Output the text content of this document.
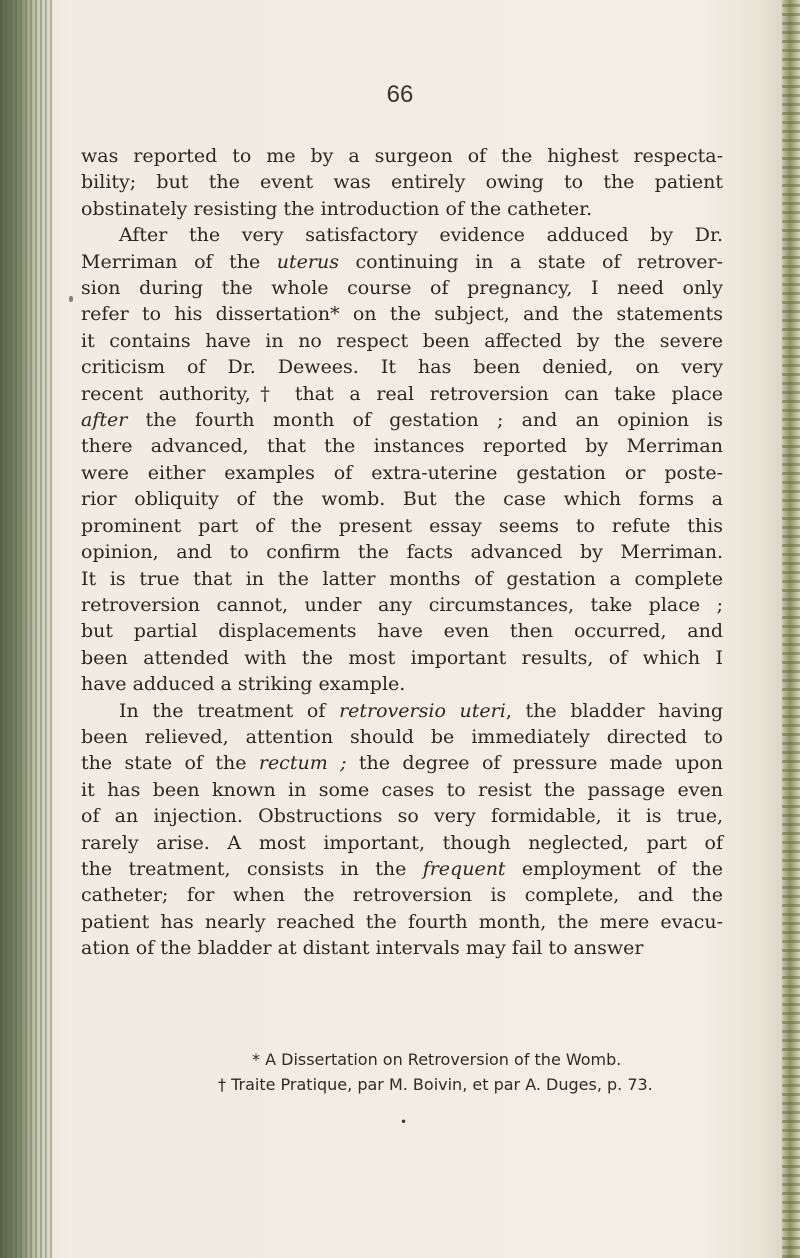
66
was reported to me by a surgeon of the highest respecta-
bility; but the event was entirely owing to the patient
obstinately resisting the introduction of the catheter.
After the very satisfactory evidence adduced by Dr.
Merriman of the uterus continuing in a state of retrover-
sion during the whole course of pregnancy, I need only
refer to his dissertation* on the subject, and the statements
it contains have in no respect been affected by the severe
criticism of Dr. Dewees. It has been denied, on very
recent authority,† that a real retroversion can take place
after the fourth month of gestation ; and an opinion is
there advanced, that the instances reported by Merriman
were either examples of extra-uterine gestation or poste-
rior obliquity of the womb. But the case which forms a
prominent part of the present essay seems to refute this
opinion, and to confirm the facts advanced by Merriman.
It is true that in the latter months of gestation a complete
retroversion cannot, under any circumstances, take place ;
but partial displacements have even then occurred, and
been attended with the most important results, of which I
have adduced a striking example.
In the treatment of retroversio uteri, the bladder having
been relieved, attention should be immediately directed to
the state of the rectum ; the degree of pressure made upon
it has been known in some cases to resist the passage even
of an injection. Obstructions so very formidable, it is true,
rarely arise. A most important, though neglected, part of
the treatment, consists in the frequent employment of the
catheter; for when the retroversion is complete, and the
patient has nearly reached the fourth month, the mere evacu-
ation of the bladder at distant intervals may fail to answer
* A Dissertation on Retroversion of the Womb.
† Traite Pratique, par M. Boivin, et par A. Duges, p. 73.
•
